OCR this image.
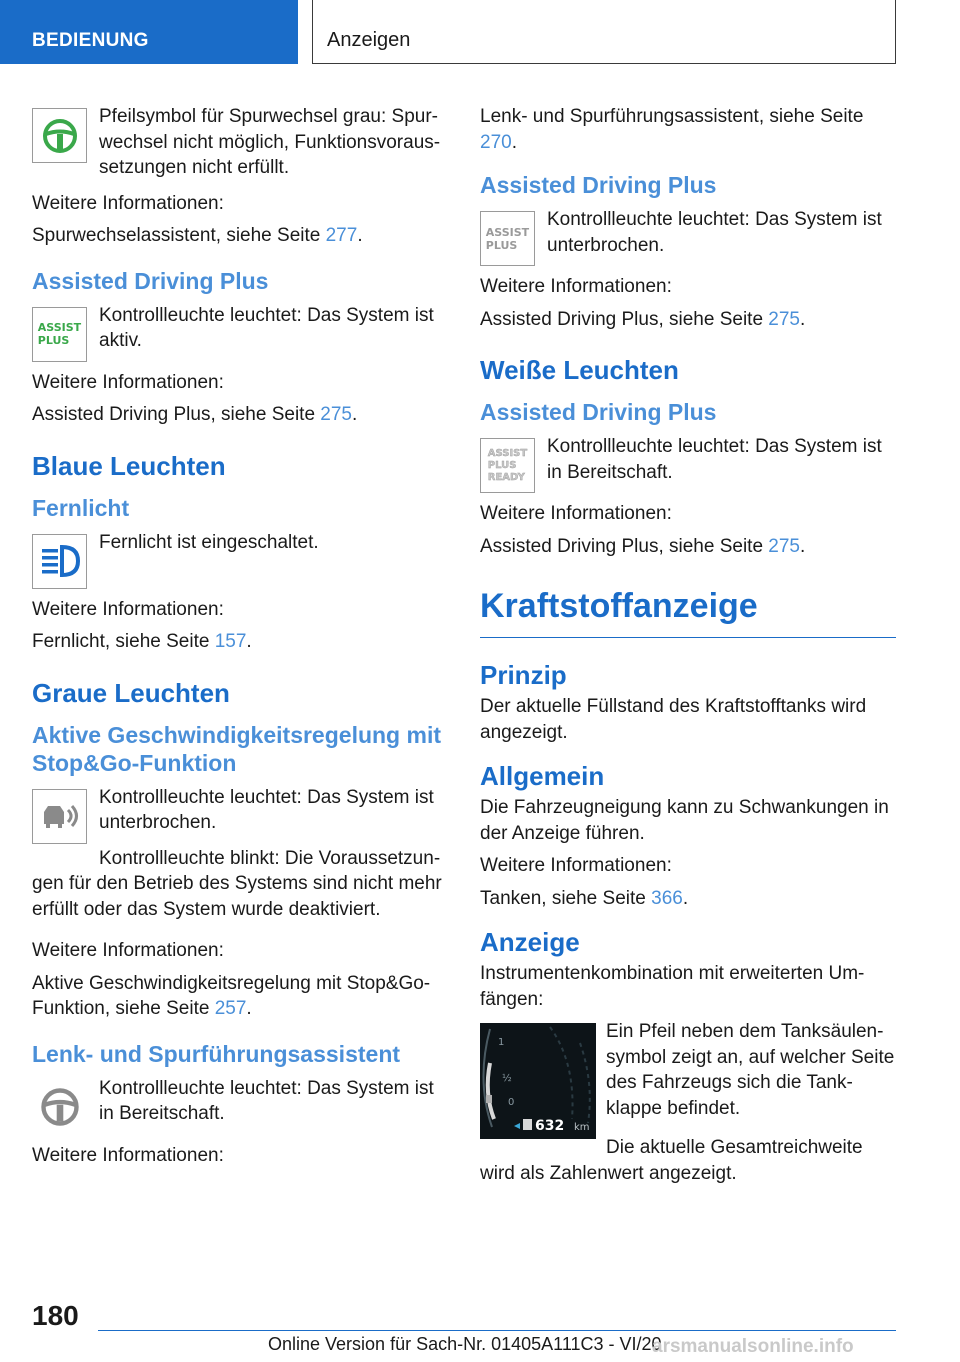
BEDIENUNG	Anzeigen

Pfeilsymbol für Spurwechsel grau: Spurwechsel nicht möglich, Funktionsvoraussetzungen nicht erfüllt.

Weitere Informationen:

Spurwechselassistent, siehe Seite 277.

Assisted Driving Plus
ASSIST
PLUS

Kontrollleuchte leuchtet: Das System ist aktiv.

Weitere Informationen:

Assisted Driving Plus, siehe Seite 275.

Blaue Leuchten
Fernlicht

Fernlicht ist eingeschaltet.

Weitere Informationen:

Fernlicht, siehe Seite 157.

Graue Leuchten
Aktive Geschwindigkeitsregelung mit Stop&Go-Funktion

Kontrollleuchte leuchtet: Das System ist unterbrochen.

Kontrollleuchte blinkt: Die Voraussetzungen für den Betrieb des Systems sind nicht mehr erfüllt oder das System wurde deaktiviert.

Weitere Informationen:

Aktive Geschwindigkeitsregelung mit Stop&Go-Funktion, siehe Seite 257.

Lenk- und Spurführungsassistent

Kontrollleuchte leuchtet: Das System ist in Bereitschaft.

Weitere Informationen:

Lenk- und Spurführungsassistent, siehe Seite 270.

Assisted Driving Plus
ASSIST
PLUS

Kontrollleuchte leuchtet: Das System ist unterbrochen.

Weitere Informationen:

Assisted Driving Plus, siehe Seite 275.

Weiße Leuchten
Assisted Driving Plus
ASSIST
PLUS
READY

Kontrollleuchte leuchtet: Das System ist in Bereitschaft.

Weitere Informationen:

Assisted Driving Plus, siehe Seite 275.

Kraftstoffanzeige
Prinzip

Der aktuelle Füllstand des Kraftstofftanks wird angezeigt.

Allgemein

Die Fahrzeugneigung kann zu Schwankungen in der Anzeige führen.

Weitere Informationen:

Tanken, siehe Seite 366.

Anzeige

Instrumentenkombination mit erweiterten Umfängen:

1
½
0
632 km

Ein Pfeil neben dem Tanksäulensymbol zeigt an, auf welcher Seite des Fahrzeugs sich die Tankklappe befindet.

Die aktuelle Gesamtreichweite wird als Zahlenwert angezeigt.

180
Online Version für Sach-Nr. 01405A111C3 - VI/20
arsmanualsonline.info
